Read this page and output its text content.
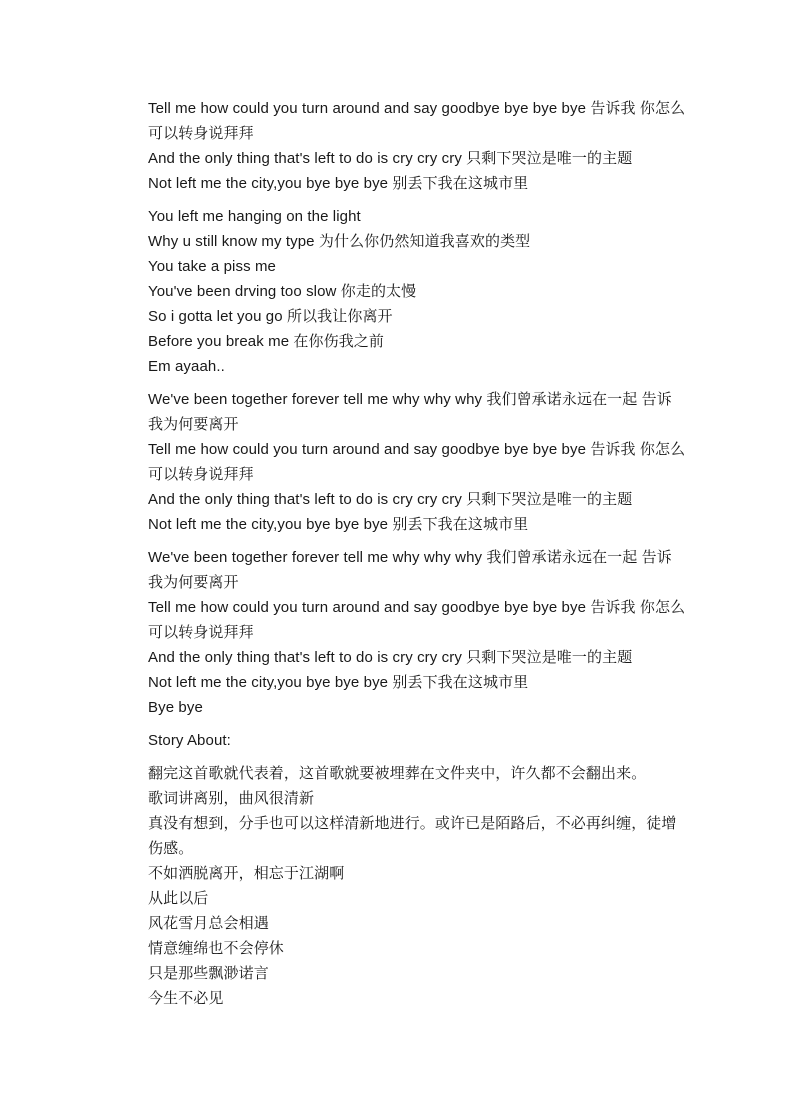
Tell me how could you turn around and say goodbye bye bye bye 告诉我 你怎么
可以转身说拜拜
And the only thing that's left to do is cry cry cry 只剩下哭泣是唯一的主题
Not left me the city,you bye bye bye 别丢下我在这城市里
You left me hanging on the light
Why u still know my type 为什么你仍然知道我喜欢的类型
You take a piss me
You've been drving too slow 你走的太慢
So i gotta let you go 所以我让你离开
Before you break me 在你伤我之前
Em ayaah..
We've been together forever tell me why why why 我们曾承诺永远在一起 告诉
我为何要离开
Tell me how could you turn around and say goodbye bye bye bye 告诉我 你怎么
可以转身说拜拜
And the only thing that's left to do is cry cry cry 只剩下哭泣是唯一的主题
Not left me the city,you bye bye bye 别丢下我在这城市里
We've been together forever tell me why why why 我们曾承诺永远在一起 告诉
我为何要离开
Tell me how could you turn around and say goodbye bye bye bye 告诉我 你怎么
可以转身说拜拜
And the only thing that's left to do is cry cry cry 只剩下哭泣是唯一的主题
Not left me the city,you bye bye bye 别丢下我在这城市里
Bye bye
Story About:
翻完这首歌就代表着，这首歌就要被埋葬在文件夹中，许久都不会翻出来。
歌词讲离别，曲风很清新
真没有想到，分手也可以这样清新地进行。或许已是陌路后，不必再纠缠，徒增
伤感。
不如洒脱离开，相忘于江湖啊
从此以后
风花雪月总会相遇
情意缠绵也不会停休
只是那些飘渺诺言
今生不必见
